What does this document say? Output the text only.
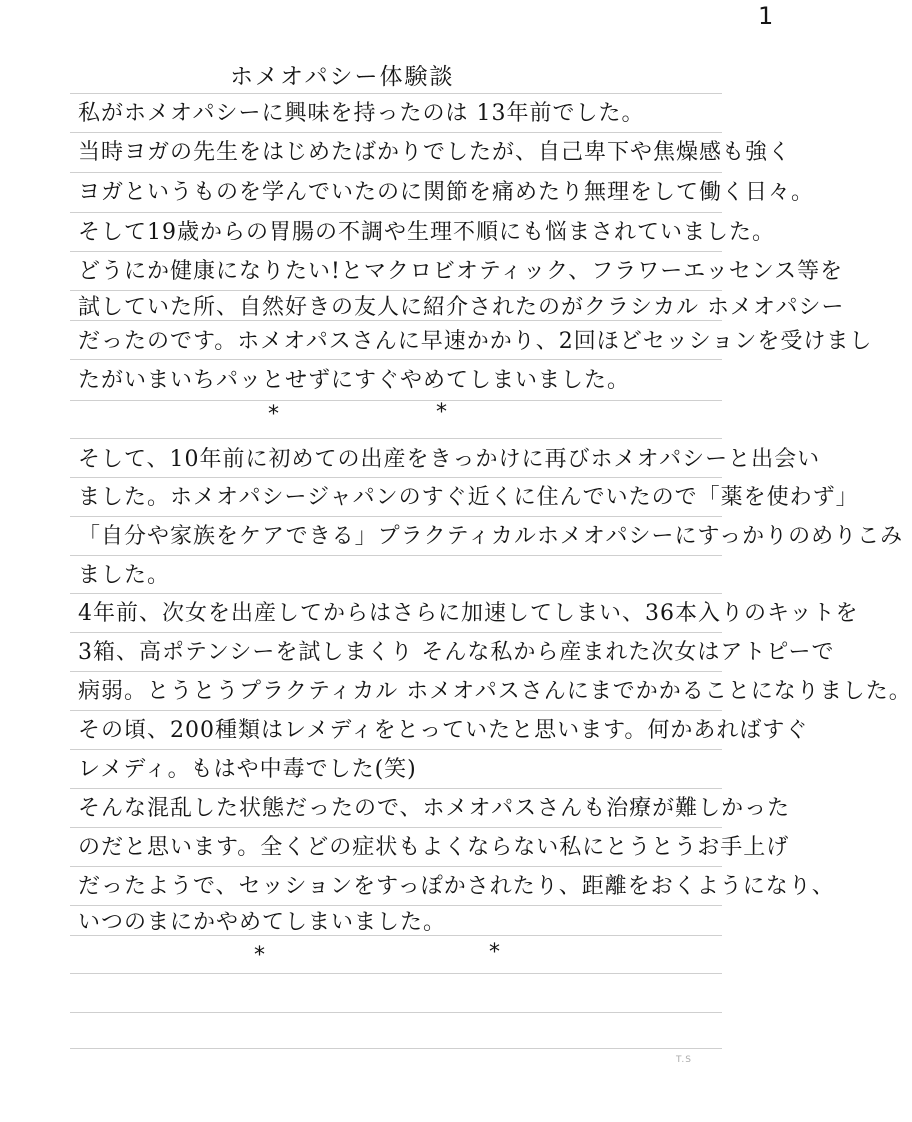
1
ホメオパシー体験談
私がホメオパシーに興味を持ったのは 13年前でした。
当時ヨガの先生をはじめたばかりでしたが、自己卑下や焦燥感も強く
ヨガというものを学んでいたのに関節を痛めたり無理をして働く日々。
そして19歳からの胃腸の不調や生理不順にも悩まされていました。
どうにか健康になりたい!とマクロビオティック、フラワーエッセンス等を
試していた所、自然好きの友人に紹介されたのがクラシカル ホメオパシー
だったのです。ホメオパスさんに早速かかり、2回ほどセッションを受けまし
たがいまいちパッとせずにすぐやめてしまいました。
*	*
そして、10年前に初めての出産をきっかけに再びホメオパシーと出会い
ました。ホメオパシージャパンのすぐ近くに住んでいたので「薬を使わず」
「自分や家族をケアできる」プラクティカルホメオパシーにすっかりのめりこみ
ました。
4年前、次女を出産してからはさらに加速してしまい、36本入りのキットを
3箱、高ポテンシーを試しまくり そんな私から産まれた次女はアトピーで
病弱。とうとうプラクティカル ホメオパスさんにまでかかることになりました。
その頃、200種類はレメディをとっていたと思います。何かあればすぐ
レメディ。もはや中毒でした(笑)
そんな混乱した状態だったので、ホメオパスさんも治療が難しかった
のだと思います。全くどの症状もよくならない私にとうとうお手上げ
だったようで、セッションをすっぽかされたり、距離をおくようになり、
いつのまにかやめてしまいました。
*	*
T.S
